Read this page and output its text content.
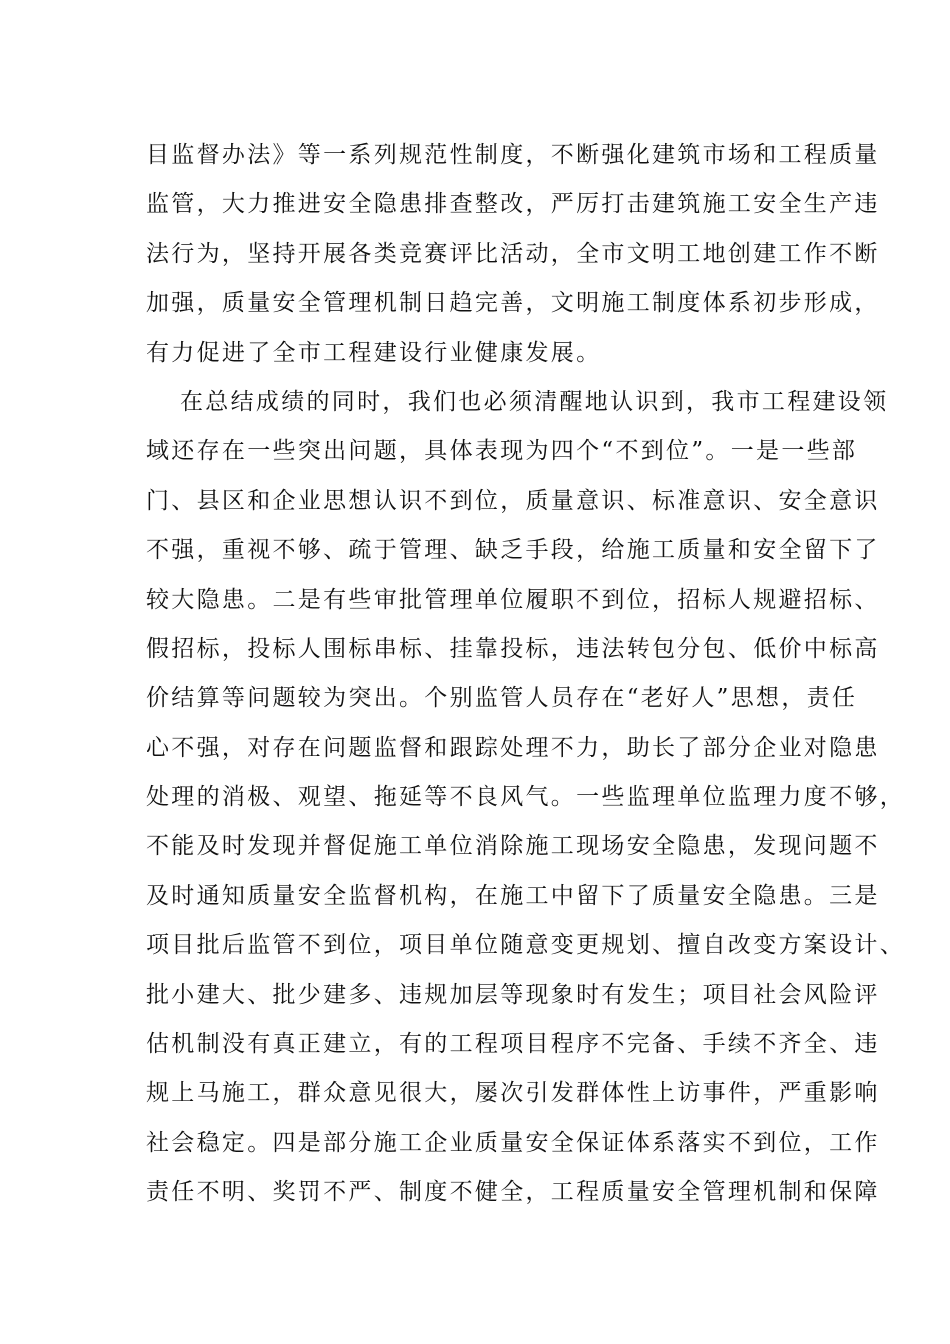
目监督办法》等一系列规范性制度，不断强化建筑市场和工程质量
监管，大力推进安全隐患排查整改，严厉打击建筑施工安全生产违
法行为，坚持开展各类竞赛评比活动，全市文明工地创建工作不断
加强，质量安全管理机制日趋完善，文明施工制度体系初步形成，
有力促进了全市工程建设行业健康发展。
在总结成绩的同时，我们也必须清醒地认识到，我市工程建设领
域还存在一些突出问题，具体表现为四个“不到位”。一是一些部
门、县区和企业思想认识不到位，质量意识、标准意识、安全意识
不强，重视不够、疏于管理、缺乏手段，给施工质量和安全留下了
较大隐患。二是有些审批管理单位履职不到位，招标人规避招标、
假招标，投标人围标串标、挂靠投标，违法转包分包、低价中标高
价结算等问题较为突出。个别监管人员存在“老好人”思想，责任
心不强，对存在问题监督和跟踪处理不力，助长了部分企业对隐患
处理的消极、观望、拖延等不良风气。一些监理单位监理力度不够，
不能及时发现并督促施工单位消除施工现场安全隐患，发现问题不
及时通知质量安全监督机构，在施工中留下了质量安全隐患。三是
项目批后监管不到位，项目单位随意变更规划、擅自改变方案设计、
批小建大、批少建多、违规加层等现象时有发生；项目社会风险评
估机制没有真正建立，有的工程项目程序不完备、手续不齐全、违
规上马施工，群众意见很大，屡次引发群体性上访事件，严重影响
社会稳定。四是部分施工企业质量安全保证体系落实不到位，工作
责任不明、奖罚不严、制度不健全，工程质量安全管理机制和保障
